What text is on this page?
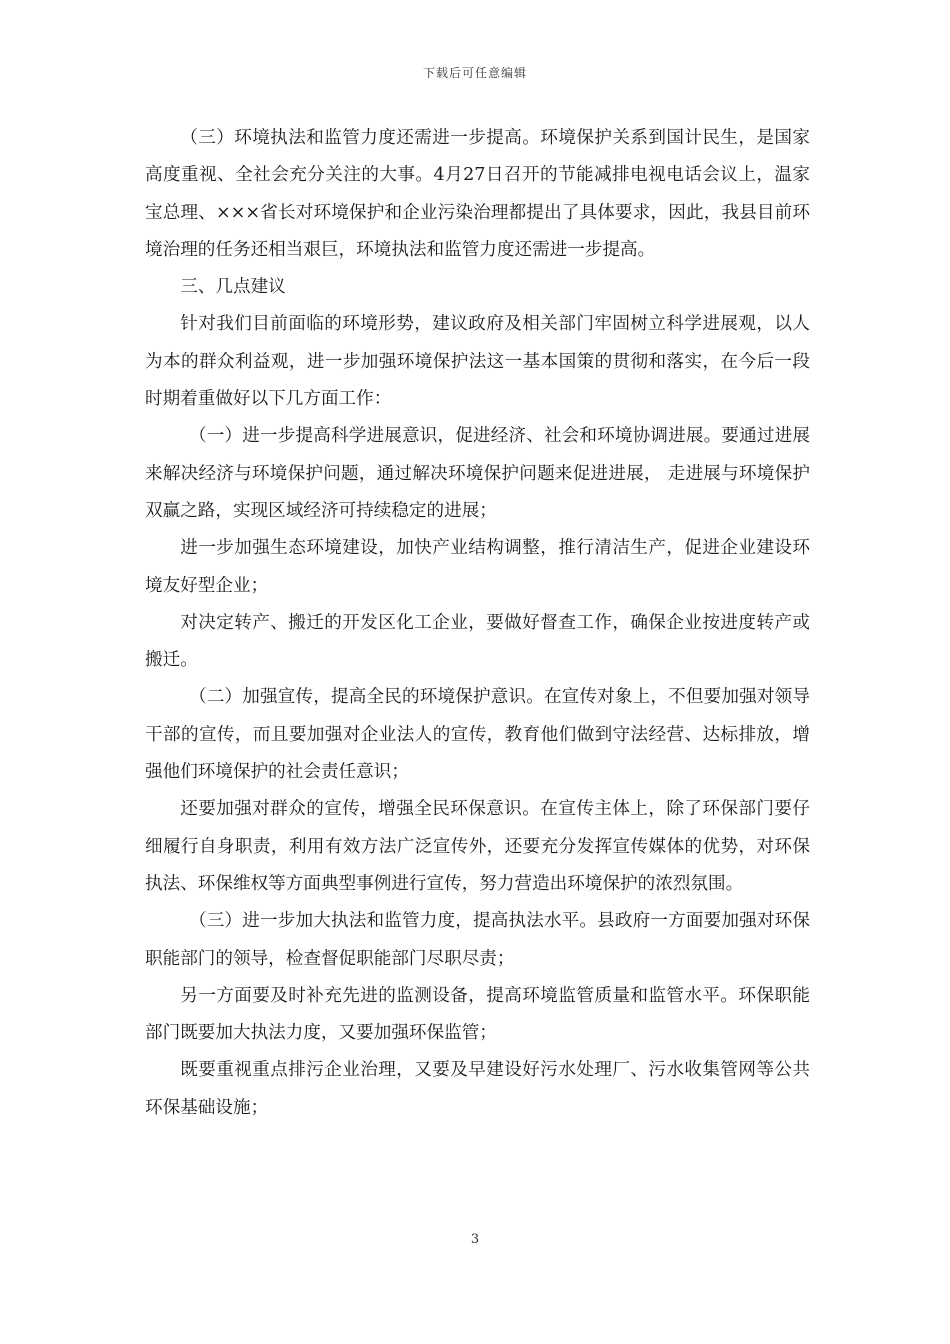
下载后可任意编辑

（三）环境执法和监管力度还需进一步提高。环境保护关系到国计民生，是国家高度重视、全社会充分关注的大事。4月27日召开的节能减排电视电话会议上，温家宝总理、×××省长对环境保护和企业污染治理都提出了具体要求，因此，我县目前环境治理的任务还相当艰巨，环境执法和监管力度还需进一步提高。

三、几点建议

针对我们目前面临的环境形势，建议政府及相关部门牢固树立科学进展观，以人为本的群众利益观，进一步加强环境保护法这一基本国策的贯彻和落实，在今后一段时期着重做好以下几方面工作：

（一）进一步提高科学进展意识，促进经济、社会和环境协调进展。要通过进展来解决经济与环境保护问题，通过解决环境保护问题来促进进展， 走进展与环境保护双赢之路，实现区域经济可持续稳定的进展；

进一步加强生态环境建设，加快产业结构调整，推行清洁生产，促进企业建设环境友好型企业；

对决定转产、搬迁的开发区化工企业，要做好督查工作，确保企业按进度转产或搬迁。

（二）加强宣传，提高全民的环境保护意识。在宣传对象上，不但要加强对领导干部的宣传，而且要加强对企业法人的宣传，教育他们做到守法经营、达标排放，增强他们环境保护的社会责任意识；

还要加强对群众的宣传，增强全民环保意识。在宣传主体上，除了环保部门要仔细履行自身职责，利用有效方法广泛宣传外，还要充分发挥宣传媒体的优势，对环保执法、环保维权等方面典型事例进行宣传，努力营造出环境保护的浓烈氛围。

（三）进一步加大执法和监管力度，提高执法水平。县政府一方面要加强对环保职能部门的领导，检查督促职能部门尽职尽责；

另一方面要及时补充先进的监测设备，提高环境监管质量和监管水平。环保职能部门既要加大执法力度，又要加强环保监管；

既要重视重点排污企业治理，又要及早建设好污水处理厂、污水收集管网等公共环保基础设施；

3
